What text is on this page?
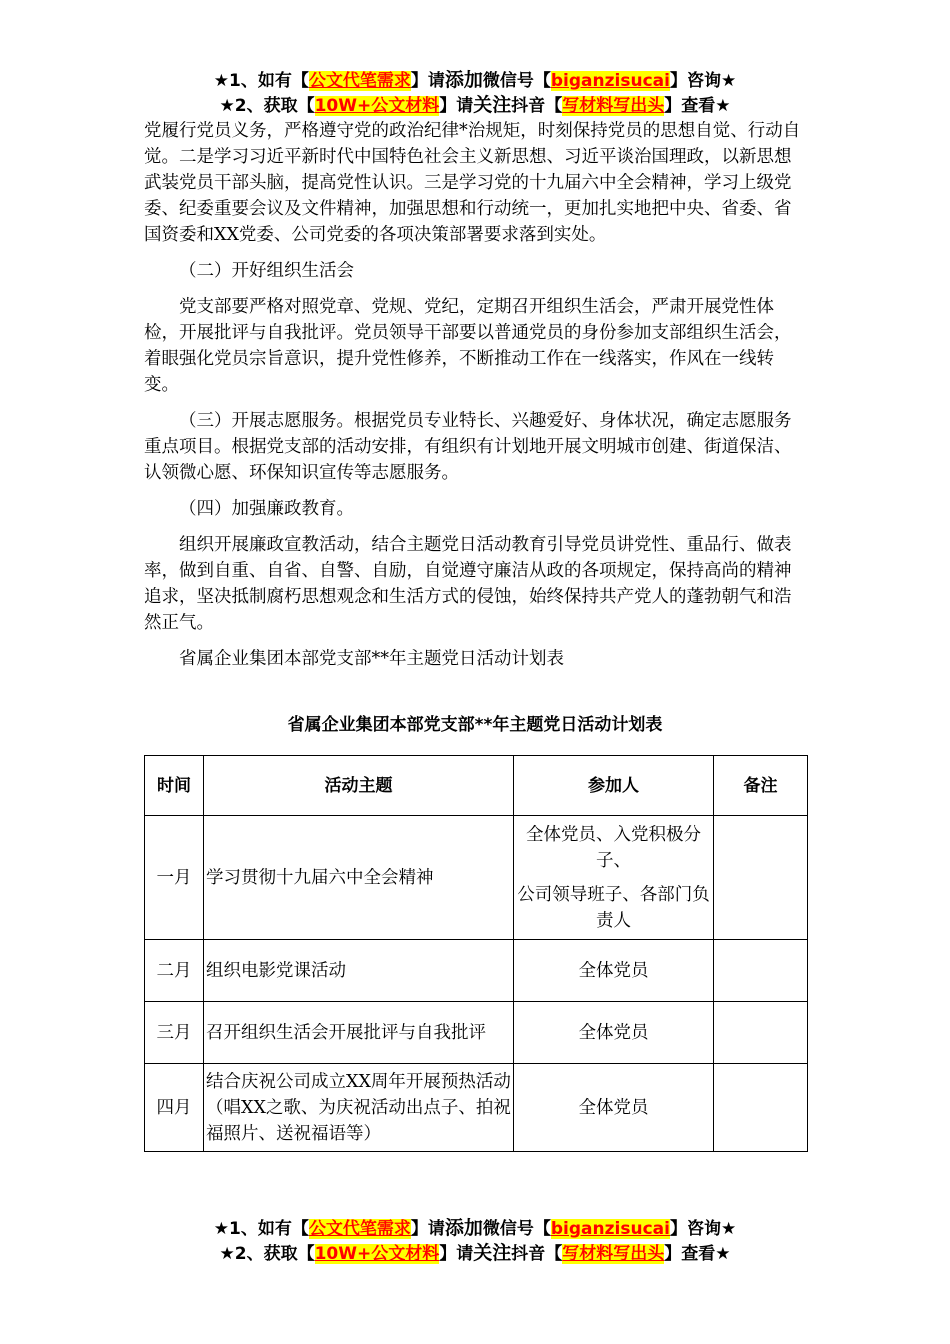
★1、如有【公文代笔需求】请添加微信号【biganzisucai】咨询★
★2、获取【10W+公文材料】请关注抖音【写材料写出头】查看★

党履行党员义务，严格遵守党的政治纪律*治规矩，时刻保持党员的思想自觉、行动自觉。二是学习习近平新时代中国特色社会主义新思想、习近平谈治国理政，以新思想武装党员干部头脑，提高党性认识。三是学习党的十九届六中全会精神，学习上级党委、纪委重要会议及文件精神，加强思想和行动统一，更加扎实地把中央、省委、省国资委和XX党委、公司党委的各项决策部署要求落到实处。

（二）开好组织生活会

党支部要严格对照党章、党规、党纪，定期召开组织生活会，严肃开展党性体检，开展批评与自我批评。党员领导干部要以普通党员的身份参加支部组织生活会，着眼强化党员宗旨意识，提升党性修养，不断推动工作在一线落实，作风在一线转变。

（三）开展志愿服务。根据党员专业特长、兴趣爱好、身体状况，确定志愿服务重点项目。根据党支部的活动安排，有组织有计划地开展文明城市创建、街道保洁、认领微心愿、环保知识宣传等志愿服务。

（四）加强廉政教育。

组织开展廉政宣教活动，结合主题党日活动教育引导党员讲党性、重品行、做表率，做到自重、自省、自警、自励，自觉遵守廉洁从政的各项规定，保持高尚的精神追求，坚决抵制腐朽思想观念和生活方式的侵蚀，始终保持共产党人的蓬勃朝气和浩然正气。

省属企业集团本部党支部**年主题党日活动计划表

省属企业集团本部党支部**年主题党日活动计划表
时间	活动主题	参加人	备注
一月	学习贯彻十九届六中全会精神	全体党员、入党积极分子、
公司领导班子、各部门负责人	

二月	组织电影党课活动	全体党员	
三月	召开组织生活会开展批评与自我批评	全体党员	
四月	结合庆祝公司成立XX周年开展预热活动（唱XX之歌、为庆祝活动出点子、拍祝福照片、送祝福语等）	全体党员	
★1、如有【公文代笔需求】请添加微信号【biganzisucai】咨询★
★2、获取【10W+公文材料】请关注抖音【写材料写出头】查看★
